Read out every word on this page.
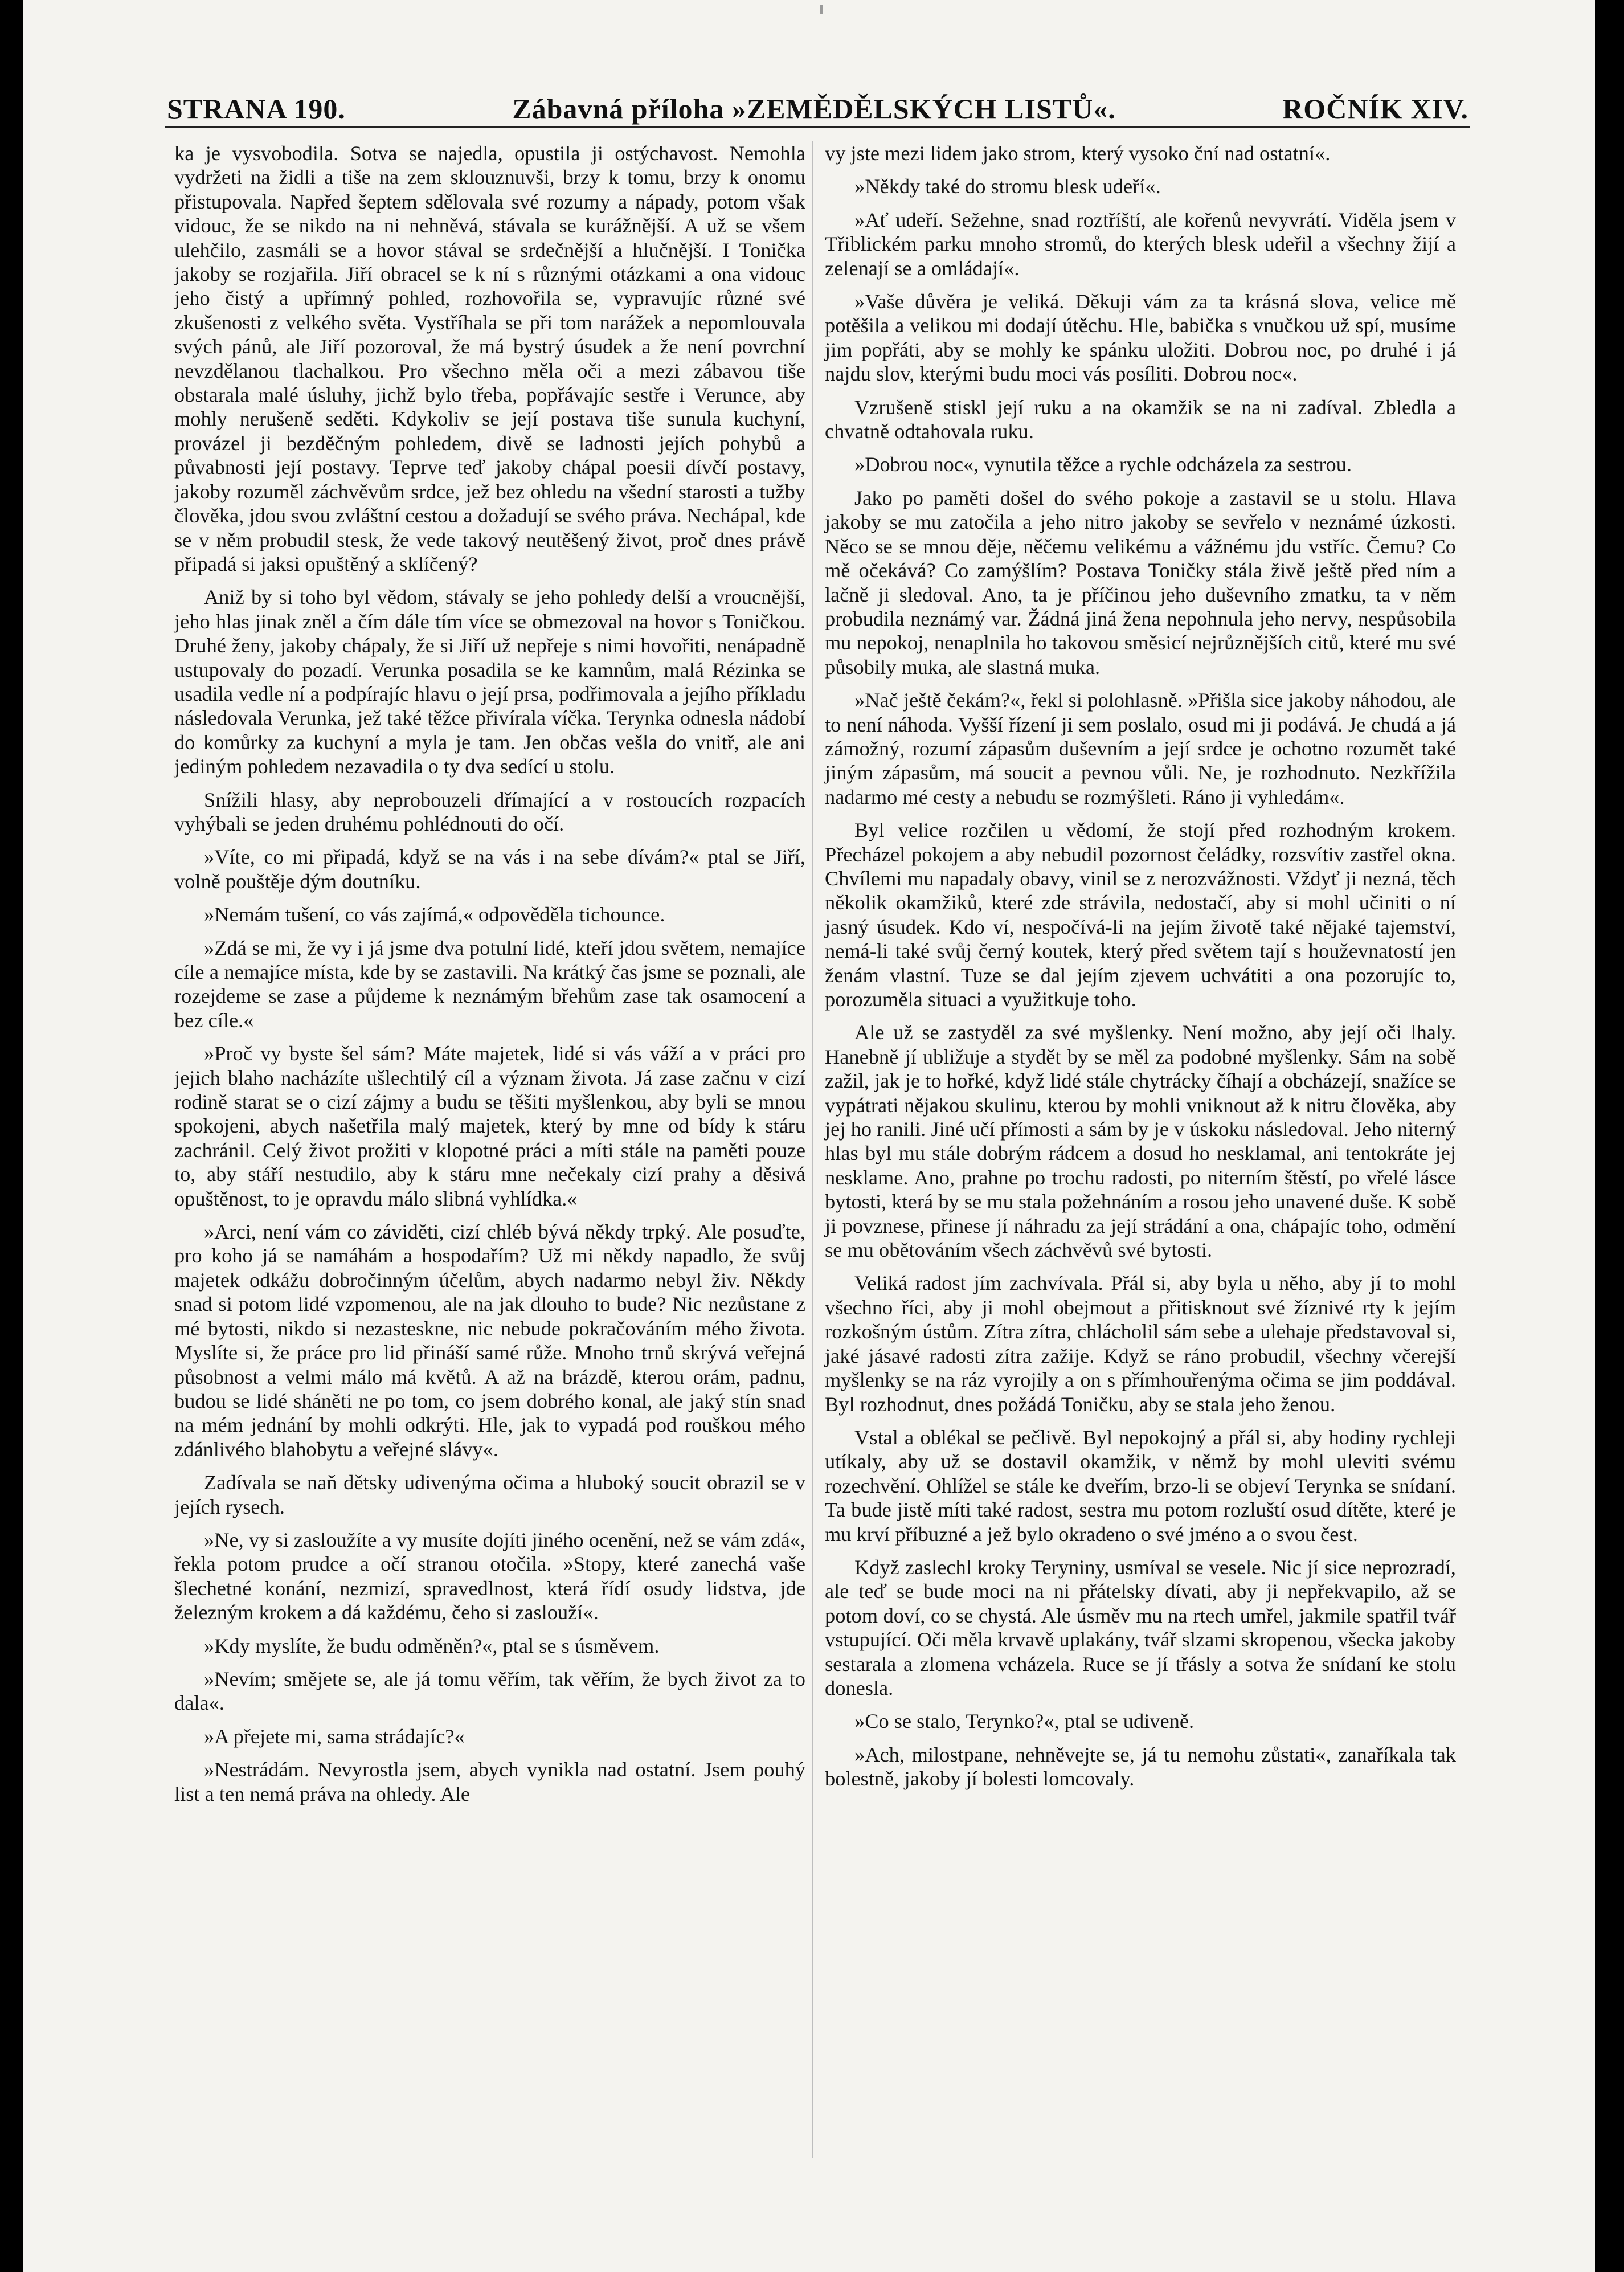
STRANA 190.	Zábavná příloha »ZEMĚDĚLSKÝCH LISTŮ«.	ROČNÍK XIV.

ka je vysvobodila. Sotva se najedla, opustila ji ostýchavost. Nemohla vydržeti na židli a tiše na zem sklouznuvši, brzy k tomu, brzy k onomu přistupovala. Napřed šeptem sdělovala své rozumy a nápady, potom však vidouc, že se nikdo na ni nehněvá, stávala se kurážnější. A už se všem ulehčilo, zasmáli se a hovor stával se srdečnější a hlučnější. I Tonička jakoby se rozjařila. Jiří obracel se k ní s různými otázkami a ona vidouc jeho čistý a upřímný pohled, rozhovořila se, vypravujíc různé své zkušenosti z velkého světa. Vystříhala se při tom narážek a nepomlouvala svých pánů, ale Jiří pozoroval, že má bystrý úsudek a že není povrchní nevzdělanou tlachalkou. Pro všechno měla oči a mezi zábavou tiše obstarala malé úsluhy, jichž bylo třeba, popřávajíc sestře i Verunce, aby mohly nerušeně seděti. Kdykoliv se její postava tiše sunula kuchyní, provázel ji bezděčným pohledem, divě se ladnosti jejích pohybů a půvabnosti její postavy. Teprve teď jakoby chápal poesii dívčí postavy, jakoby rozuměl záchvěvům srdce, jež bez ohledu na všední starosti a tužby člověka, jdou svou zvláštní cestou a dožadují se svého práva. Nechápal, kde se v něm probudil stesk, že vede takový neutěšený život, proč dnes právě připadá si jaksi opuštěný a sklíčený?

Aniž by si toho byl vědom, stávaly se jeho pohledy delší a vroucnější, jeho hlas jinak zněl a čím dále tím více se obmezoval na hovor s Toničkou. Druhé ženy, jakoby chápaly, že si Jiří už nepřeje s nimi hovořiti, nenápadně ustupovaly do pozadí. Verunka posadila se ke kamnům, malá Rézinka se usadila vedle ní a podpírajíc hlavu o její prsa, podřimovala a jejího příkladu následovala Verunka, jež také těžce přivírala víčka. Terynka odnesla nádobí do komůrky za kuchyní a myla je tam. Jen občas vešla do vnitř, ale ani jediným pohledem nezavadila o ty dva sedící u stolu.

Snížili hlasy, aby neprobouzeli dřímající a v rostoucích rozpacích vyhýbali se jeden druhému pohlédnouti do očí.

»Víte, co mi připadá, když se na vás i na sebe dívám?« ptal se Jiří, volně pouštěje dým doutníku.

»Nemám tušení, co vás zajímá,« odpověděla tichounce.

»Zdá se mi, že vy i já jsme dva potulní lidé, kteří jdou světem, nemajíce cíle a nemajíce místa, kde by se zastavili. Na krátký čas jsme se poznali, ale rozejdeme se zase a půjdeme k neznámým břehům zase tak osamocení a bez cíle.«

»Proč vy byste šel sám? Máte majetek, lidé si vás váží a v práci pro jejich blaho nacházíte ušlechtilý cíl a význam života. Já zase začnu v cizí rodině starat se o cizí zájmy a budu se těšiti myšlenkou, aby byli se mnou spokojeni, abych našetřila malý majetek, který by mne od bídy k stáru zachránil. Celý život prožiti v klopotné práci a míti stále na paměti pouze to, aby stáří nestudilo, aby k stáru mne nečekaly cizí prahy a děsivá opuštěnost, to je opravdu málo slibná vyhlídka.«

»Arci, není vám co záviděti, cizí chléb bývá někdy trpký. Ale posuďte, pro koho já se namáhám a hospodařím? Už mi někdy napadlo, že svůj majetek odkážu dobročinným účelům, abych nadarmo nebyl živ. Někdy snad si potom lidé vzpomenou, ale na jak dlouho to bude? Nic nezůstane z mé bytosti, nikdo si nezasteskne, nic nebude pokračováním mého života. Myslíte si, že práce pro lid přináší samé růže. Mnoho trnů skrývá veřejná působnost a velmi málo má květů. A až na brázdě, kterou orám, padnu, budou se lidé sháněti ne po tom, co jsem dobrého konal, ale jaký stín snad na mém jednání by mohli odkrýti. Hle, jak to vypadá pod rouškou mého zdánlivého blahobytu a veřejné slávy«.

Zadívala se naň dětsky udivenýma očima a hluboký soucit obrazil se v jejích rysech.

»Ne, vy si zasloužíte a vy musíte dojíti jiného ocenění, než se vám zdá«, řekla potom prudce a očí stranou otočila. »Stopy, které zanechá vaše šlechetné konání, nezmizí, spravedlnost, která řídí osudy lidstva, jde železným krokem a dá každému, čeho si zaslouží«.

»Kdy myslíte, že budu odměněn?«, ptal se s úsměvem.

»Nevím; smějete se, ale já tomu věřím, tak věřím, že bych život za to dala«.

»A přejete mi, sama strádajíc?«

»Nestrádám. Nevyrostla jsem, abych vynikla nad ostatní. Jsem pouhý list a ten nemá práva na ohledy. Ale

vy jste mezi lidem jako strom, který vysoko ční nad ostatní«.

»Někdy také do stromu blesk udeří«.

»Ať udeří. Sežehne, snad roztříští, ale kořenů nevyvrátí. Viděla jsem v Třiblickém parku mnoho stromů, do kterých blesk udeřil a všechny žijí a zelenají se a omládají«.

»Vaše důvěra je veliká. Děkuji vám za ta krásná slova, velice mě potěšila a velikou mi dodají útěchu. Hle, babička s vnučkou už spí, musíme jim popřáti, aby se mohly ke spánku uložiti. Dobrou noc, po druhé i já najdu slov, kterými budu moci vás posíliti. Dobrou noc«.

Vzrušeně stiskl její ruku a na okamžik se na ni zadíval. Zbledla a chvatně odtahovala ruku.

»Dobrou noc«, vynutila těžce a rychle odcházela za sestrou.

Jako po paměti došel do svého pokoje a zastavil se u stolu. Hlava jakoby se mu zatočila a jeho nitro jakoby se sevřelo v neznámé úzkosti. Něco se se mnou děje, něčemu velikému a vážnému jdu vstříc. Čemu? Co mě očekává? Co zamýšlím? Postava Toničky stála živě ještě před ním a lačně ji sledoval. Ano, ta je příčinou jeho duševního zmatku, ta v něm probudila neznámý var. Žádná jiná žena nepohnula jeho nervy, nespůsobila mu nepokoj, nenaplnila ho takovou směsicí nejrůznějších citů, které mu své působily muka, ale slastná muka.

»Nač ještě čekám?«, řekl si polohlasně. »Přišla sice jakoby náhodou, ale to není náhoda. Vyšší řízení ji sem poslalo, osud mi ji podává. Je chudá a já zámožný, rozumí zápasům duševním a její srdce je ochotno rozumět také jiným zápasům, má soucit a pevnou vůli. Ne, je rozhodnuto. Nezkřížila nadarmo mé cesty a nebudu se rozmýšleti. Ráno ji vyhledám«.

Byl velice rozčilen u vědomí, že stojí před rozhodným krokem. Přecházel pokojem a aby nebudil pozornost čeládky, rozsvítiv zastřel okna. Chvílemi mu napadaly obavy, vinil se z nerozvážnosti. Vždyť ji nezná, těch několik okamžiků, které zde strávila, nedostačí, aby si mohl učiniti o ní jasný úsudek. Kdo ví, nespočívá-li na jejím životě také nějaké tajemství, nemá-li také svůj černý koutek, který před světem tají s houževnatostí jen ženám vlastní. Tuze se dal jejím zjevem uchvátiti a ona pozorujíc to, porozuměla situaci a využitkuje toho.

Ale už se zastyděl za své myšlenky. Není možno, aby její oči lhaly. Hanebně jí ubližuje a stydět by se měl za podobné myšlenky. Sám na sobě zažil, jak je to hořké, když lidé stále chytrácky číhají a obcházejí, snažíce se vypátrati nějakou skulinu, kterou by mohli vniknout až k nitru člověka, aby jej ho ranili. Jiné učí přímosti a sám by je v úskoku následoval. Jeho niterný hlas byl mu stále dobrým rádcem a dosud ho nesklamal, ani tentokráte jej nesklame. Ano, prahne po trochu radosti, po niterním štěstí, po vřelé lásce bytosti, která by se mu stala požehnáním a rosou jeho unavené duše. K sobě ji povznese, přinese jí náhradu za její strádání a ona, chápajíc toho, odmění se mu obětováním všech záchvěvů své bytosti.

Veliká radost jím zachvívala. Přál si, aby byla u něho, aby jí to mohl všechno říci, aby ji mohl obejmout a přitisknout své žíznivé rty k jejím rozkošným ústům. Zítra zítra, chlácholil sám sebe a ulehaje představoval si, jaké jásavé radosti zítra zažije. Když se ráno probudil, všechny včerejší myšlenky se na ráz vyrojily a on s přímhouřenýma očima se jim poddával. Byl rozhodnut, dnes požádá Toničku, aby se stala jeho ženou.

Vstal a oblékal se pečlivě. Byl nepokojný a přál si, aby hodiny rychleji utíkaly, aby už se dostavil okamžik, v němž by mohl uleviti svému rozechvění. Ohlížel se stále ke dveřím, brzo-li se objeví Terynka se snídaní. Ta bude jistě míti také radost, sestra mu potom rozluští osud dítěte, které je mu krví příbuzné a jež bylo okradeno o své jméno a o svou čest.

Když zaslechl kroky Teryniny, usmíval se vesele. Nic jí sice neprozradí, ale teď se bude moci na ni přátelsky dívati, aby ji nepřekvapilo, až se potom doví, co se chystá. Ale úsměv mu na rtech umřel, jakmile spatřil tvář vstupující. Oči měla krvavě uplakány, tvář slzami skropenou, všecka jakoby sestarala a zlomena vcházela. Ruce se jí třásly a sotva že snídaní ke stolu donesla.

»Co se stalo, Terynko?«, ptal se udiveně.

»Ach, milostpane, nehněvejte se, já tu nemohu zůstati«, zanaříkala tak bolestně, jakoby jí bolesti lomcovaly.
